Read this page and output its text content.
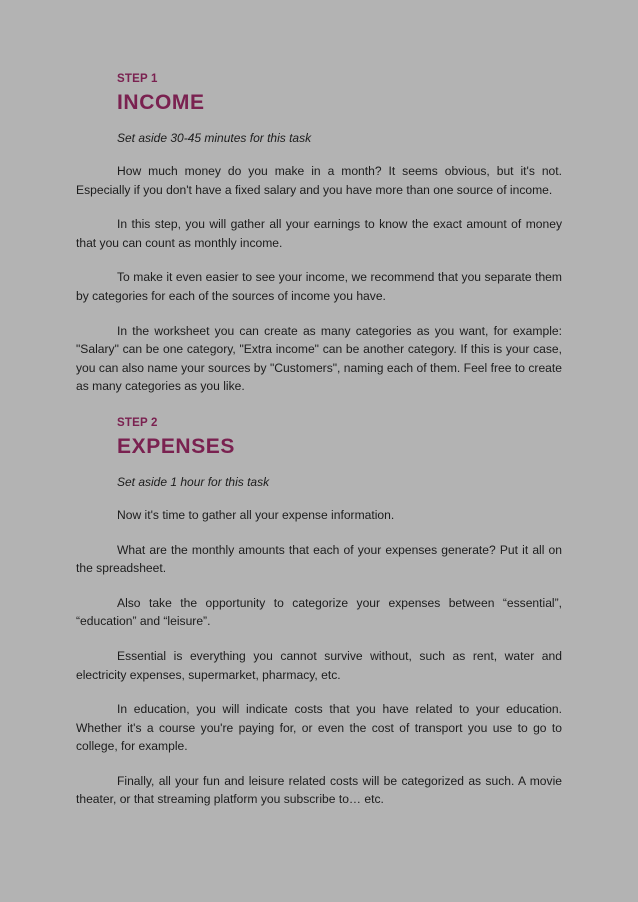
STEP 1
INCOME
Set aside 30-45 minutes for this task

How much money do you make in a month? It seems obvious, but it's not. Especially if you don't have a fixed salary and you have more than one source of income.

In this step, you will gather all your earnings to know the exact amount of money that you can count as monthly income.

To make it even easier to see your income, we recommend that you separate them by categories for each of the sources of income you have.

In the worksheet you can create as many categories as you want, for example: "Salary" can be one category, "Extra income" can be another category. If this is your case, you can also name your sources by "Customers", naming each of them. Feel free to create as many categories as you like.

STEP 2
EXPENSES
Set aside 1 hour for this task

Now it's time to gather all your expense information.

What are the monthly amounts that each of your expenses generate? Put it all on the spreadsheet.

Also take the opportunity to categorize your expenses between “essential”, “education” and “leisure”.

Essential is everything you cannot survive without, such as rent, water and electricity expenses, supermarket, pharmacy, etc.

In education, you will indicate costs that you have related to your education. Whether it's a course you're paying for, or even the cost of transport you use to go to college, for example.

Finally, all your fun and leisure related costs will be categorized as such. A movie theater, or that streaming platform you subscribe to… etc.
